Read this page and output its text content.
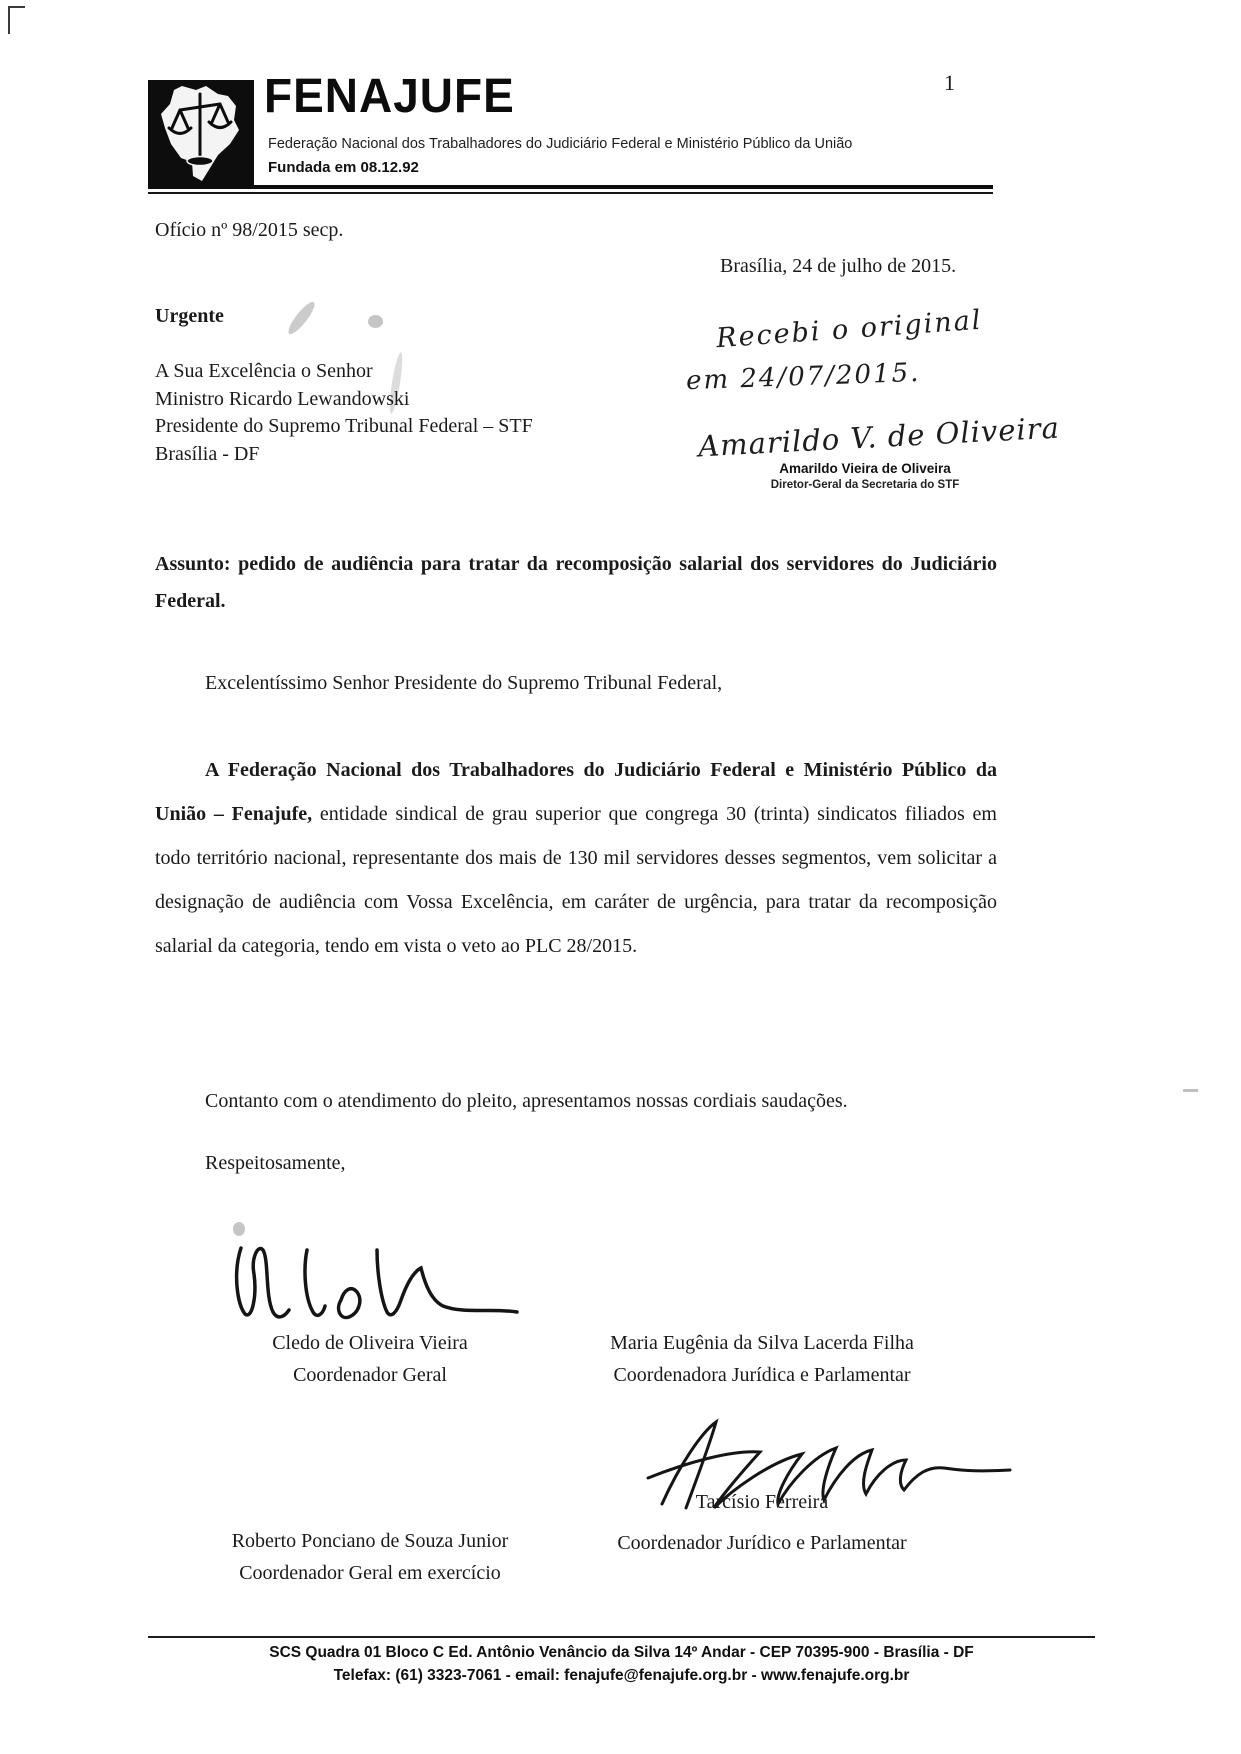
1
FENAJUFE
Federação Nacional dos Trabalhadores do Judiciário Federal e Ministério Público da União
Fundada em 08.12.92
Ofício nº 98/2015 secp.
Brasília, 24 de julho de 2015.
Urgente
A Sua Excelência o Senhor
Ministro Ricardo Lewandowski
Presidente do Supremo Tribunal Federal – STF
Brasília - DF
Recebi o original
em 24/07/2015.
Amarildo V. de Oliveira
Amarildo Vieira de Oliveira
Diretor-Geral da Secretaria do STF
Assunto: pedido de audiência para tratar da recomposição salarial dos servidores do Judiciário Federal.
Excelentíssimo Senhor Presidente do Supremo Tribunal Federal,

A Federação Nacional dos Trabalhadores do Judiciário Federal e Ministério Público da União – Fenajufe, entidade sindical de grau superior que congrega 30 (trinta) sindicatos filiados em todo território nacional, representante dos mais de 130 mil servidores desses segmentos, vem solicitar a designação de audiência com Vossa Excelência, em caráter de urgência, para tratar da recomposição salarial da categoria, tendo em vista o veto ao PLC 28/2015.

Contanto com o atendimento do pleito, apresentamos nossas cordiais saudações.

Respeitosamente,
Cledo de Oliveira Vieira
Coordenador Geral
Maria Eugênia da Silva Lacerda Filha
Coordenadora Jurídica e Parlamentar
Roberto Ponciano de Souza Junior
Coordenador Geral em exercício
Tarcísio Ferreira
Coordenador Jurídico e Parlamentar
SCS Quadra 01 Bloco C Ed. Antônio Venâncio da Silva 14º Andar - CEP 70395-900 - Brasília - DF
Telefax: (61) 3323-7061 - email: fenajufe@fenajufe.org.br - www.fenajufe.org.br
